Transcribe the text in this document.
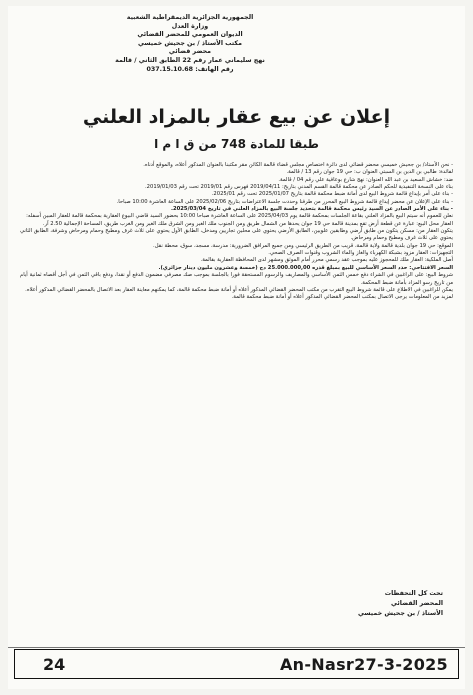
الجمهورية الجزائرية الديمقراطية الشعبية
وزارة العدل
الديوان العمومي للمحضر القضائي
مكتب الأستاذ / بن جحيش خميسي
محضر قضائي
نهج سليماني عمار رقم 22 الطابق الثاني / قالمة
رقم الهاتف: 037.15.10.68
إعلان عن بيع عقار بالمزاد العلني
طبقا للمادة 748 من ق ا م ا

- نحن الأستاذ/ بن جحيش خميسي محضر قضائي لدى دائرة اختصاص مجلس قضاء قالمة الكائن مقر مكتبنا بالعنوان المذكور أعلاه، والموقع أدناه.

لفائدة: طالبي بن الدين بن السبتي العنوان ب: حي 19 جوان رقم 13 / قالمة.

ضد: خشاش السعيد بن عبد الله العنوان: نهج شارع بوعافية علي رقم 04 / قالمة.

بناء على النسخة التنفيذية للحكم الصادر عن محكمة قالمة القسم المدني بتاريخ: 2019/04/11 فهرس رقم 2019/01 تحت رقم 2019/01/03.

- بناء على أمر بإيداع قائمة شروط البيع لدى أمانة ضبط محكمة قالمة بتاريخ 2025/01/07 تحت رقم 2025/01.

- بناء على الإعلان عن محضر إيداع قائمة شروط البيع المحرر من طرفنا وحددت جلسة الاعتراضات بتاريخ 2025/02/06 على الساعة العاشرة 10:00 صباحا.

- بناء على الأمر الصادر عن السيد رئيس محكمة قالمة بتحديد جلسة البيع بالمزاد العلني في تاريخ 2025/03/04.

نعلن للعموم أنه سيتم البيع بالمزاد العلني بقاعة الجلسات بمحكمة قالمة يوم 2025/04/03 على الساعة العاشرة صباحا 10:00 بحضور السيد قاضي البيوع العقارية بمحكمة قالمة للعقار المبين أسفله:

العقار محل البيع: عبارة عن قطعة أرض تقع بمدينة قالمة حي 19 جوان يحدها من الشمال طريق ومن الجنوب ملك الغير ومن الشرق ملك الغير ومن الغرب طريق، المساحة الإجمالية 2.50 آر.

يتكون العقار من: مسكن يتكون من طابق أرضي وطابقين علويين، الطابق الأرضي يحتوي على محلين تجاريين ومدخل، الطابق الأول يحتوي على ثلاث غرف ومطبخ وحمام ومرحاض وشرفة، الطابق الثاني يحتوي على ثلاث غرف ومطبخ وحمام ومرحاض.

الموقع: حي 19 جوان بلدية قالمة ولاية قالمة، قريب من الطريق الرئيسي ومن جميع المرافق الضرورية: مدرسة، مسجد، سوق، محطة نقل.

التجهيزات: العقار مزود بشبكة الكهرباء والغاز والماء الشروب وقنوات الصرف الصحي.

أصل الملكية: العقار ملك للمحجوز عليه بموجب عقد رسمي محرر أمام الموثق ومشهر لدى المحافظة العقارية بقالمة.

السعر الافتتاحي: حدد السعر الأساسي للبيع بمبلغ قدره 25.000.000,00 دج (خمسة وعشرون مليون دينار جزائري).

شروط البيع: على الراغبين في الشراء دفع خمس الثمن الأساسي والمصاريف والرسوم المستحقة فورا بالجلسة بموجب صك مصرفي مضمون الدفع أو نقدا، ودفع باقي الثمن في أجل أقصاه ثمانية أيام من تاريخ رسو المزاد بأمانة ضبط المحكمة.

يمكن للراغبين في الاطلاع على قائمة شروط البيع التقرب من مكتب المحضر القضائي المذكور أعلاه أو أمانة ضبط محكمة قالمة، كما يمكنهم معاينة العقار بعد الاتصال بالمحضر القضائي المذكور أعلاه.

لمزيد من المعلومات يرجى الاتصال بمكتب المحضر القضائي المذكور أعلاه أو أمانة ضبط محكمة قالمة.

تحت كل التحفظات
المحضر القضائي
الأستاذ / بن جحيش خميسي
An-Nasr27-3-2025
24
